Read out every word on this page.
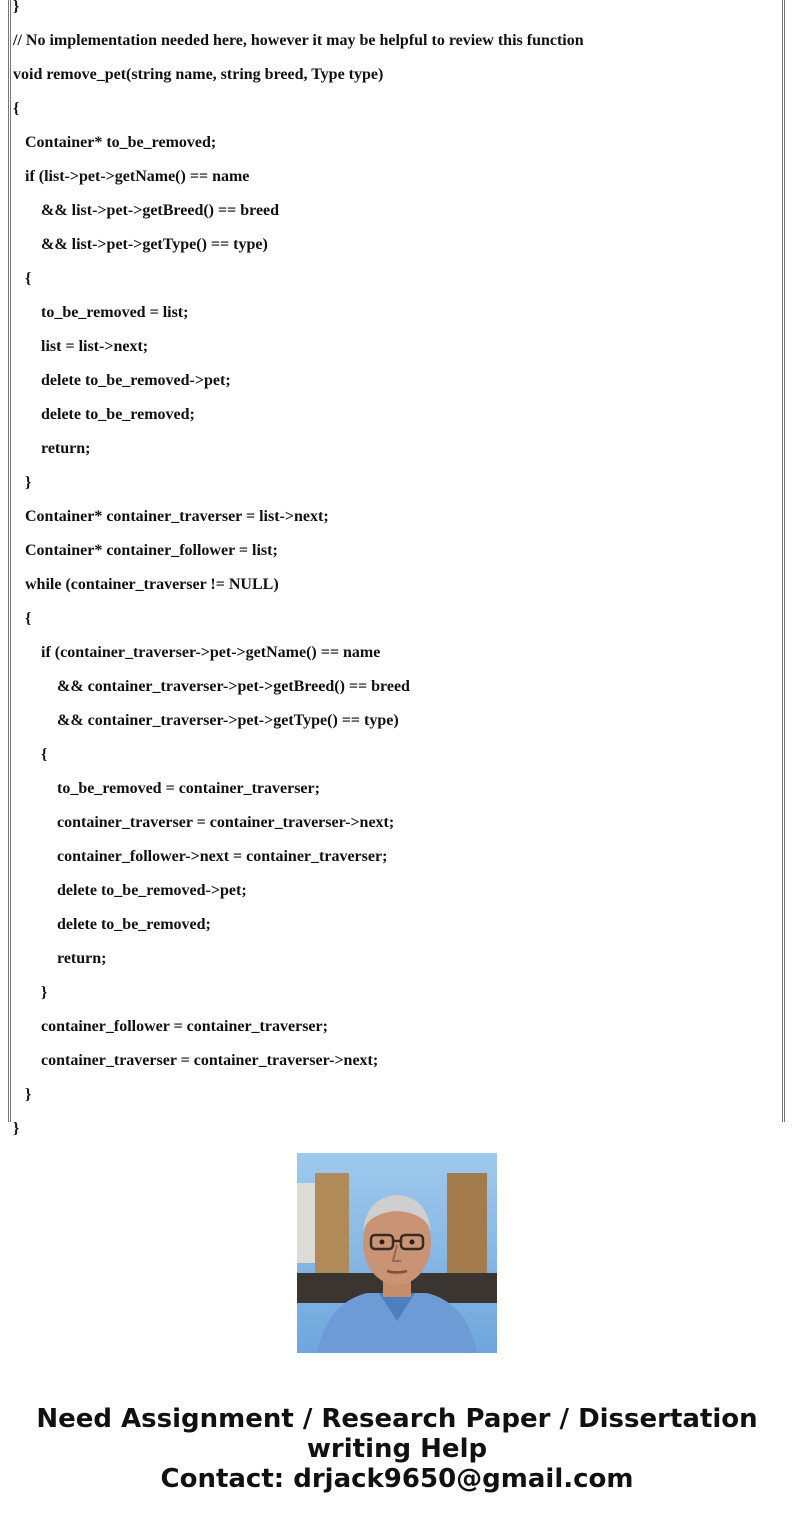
}
// No implementation needed here, however it may be helpful to review this function
void remove_pet(string name, string breed, Type type)
{
Container* to_be_removed;
if (list->pet->getName() == name
&& list->pet->getBreed() == breed
&& list->pet->getType() == type)
{
to_be_removed = list;
list = list->next;
delete to_be_removed->pet;
delete to_be_removed;
return;
}
Container* container_traverser = list->next;
Container* container_follower = list;
while (container_traverser != NULL)
{
if (container_traverser->pet->getName() == name
&& container_traverser->pet->getBreed() == breed
&& container_traverser->pet->getType() == type)
{
to_be_removed = container_traverser;
container_traverser = container_traverser->next;
container_follower->next = container_traverser;
delete to_be_removed->pet;
delete to_be_removed;
return;
}
container_follower = container_traverser;
container_traverser = container_traverser->next;
}
}
Need Assignment / Research Paper / Dissertation
writing Help
Contact: drjack9650@gmail.com
